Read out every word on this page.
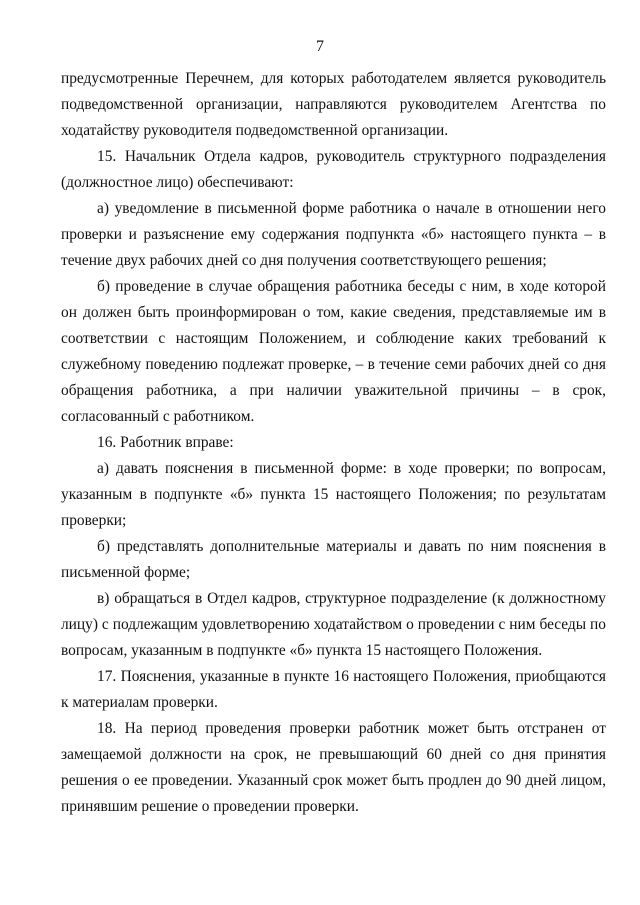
7

предусмотренные Перечнем, для которых работодателем является руководитель подведомственной организации, направляются руководителем Агентства по ходатайству руководителя подведомственной организации.

15. Начальник Отдела кадров, руководитель структурного подразделения (должностное лицо) обеспечивают:

а) уведомление в письменной форме работника о начале в отношении него проверки и разъяснение ему содержания подпункта «б» настоящего пункта – в течение двух рабочих дней со дня получения соответствующего решения;

б) проведение в случае обращения работника беседы с ним, в ходе которой он должен быть проинформирован о том, какие сведения, представляемые им в соответствии с настоящим Положением, и соблюдение каких требований к служебному поведению подлежат проверке, – в течение семи рабочих дней со дня обращения работника, а при наличии уважительной причины – в срок, согласованный с работником.

16. Работник вправе:

а) давать пояснения в письменной форме: в ходе проверки; по вопросам, указанным в подпункте «б» пункта 15 настоящего Положения; по результатам проверки;

б) представлять дополнительные материалы и давать по ним пояснения в письменной форме;

в) обращаться в Отдел кадров, структурное подразделение (к должностному лицу) с подлежащим удовлетворению ходатайством о проведении с ним беседы по вопросам, указанным в подпункте «б» пункта 15 настоящего Положения.

17. Пояснения, указанные в пункте 16 настоящего Положения, приобщаются к материалам проверки.

18. На период проведения проверки работник может быть отстранен от замещаемой должности на срок, не превышающий 60 дней со дня принятия решения о ее проведении. Указанный срок может быть продлен до 90 дней лицом, принявшим решение о проведении проверки.
